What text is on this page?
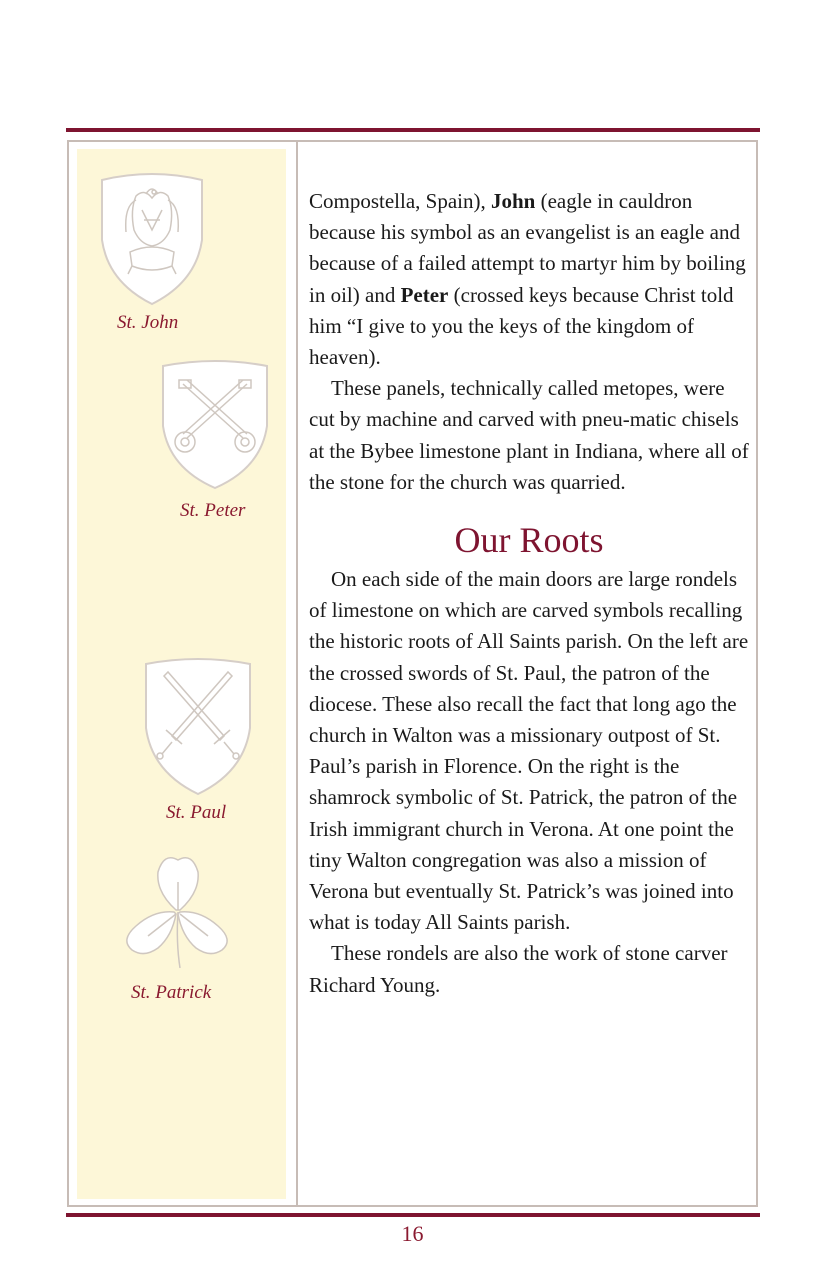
St. John
St. Peter
St. Paul
St. Patrick

Compostella, Spain), John (eagle in cauldron because his symbol as an evangelist is an eagle and because of a failed attempt to martyr him by boiling in oil) and Peter (crossed keys because Christ told him “I give to you the keys of the kingdom of heaven).

These panels, technically called metopes, were cut by machine and carved with pneu-matic chisels at the Bybee limestone plant in Indiana, where all of the stone for the church was quarried.

Our Roots

On each side of the main doors are large rondels of limestone on which are carved symbols recalling the historic roots of All Saints parish. On the left are the crossed swords of St. Paul, the patron of the diocese. These also recall the fact that long ago the church in Walton was a missionary outpost of St. Paul’s parish in Florence. On the right is the shamrock symbolic of St. Patrick, the patron of the Irish immigrant church in Verona. At one point the tiny Walton congregation was also a mission of Verona but eventually St. Patrick’s was joined into what is today All Saints parish.

These rondels are also the work of stone carver Richard Young.

16
